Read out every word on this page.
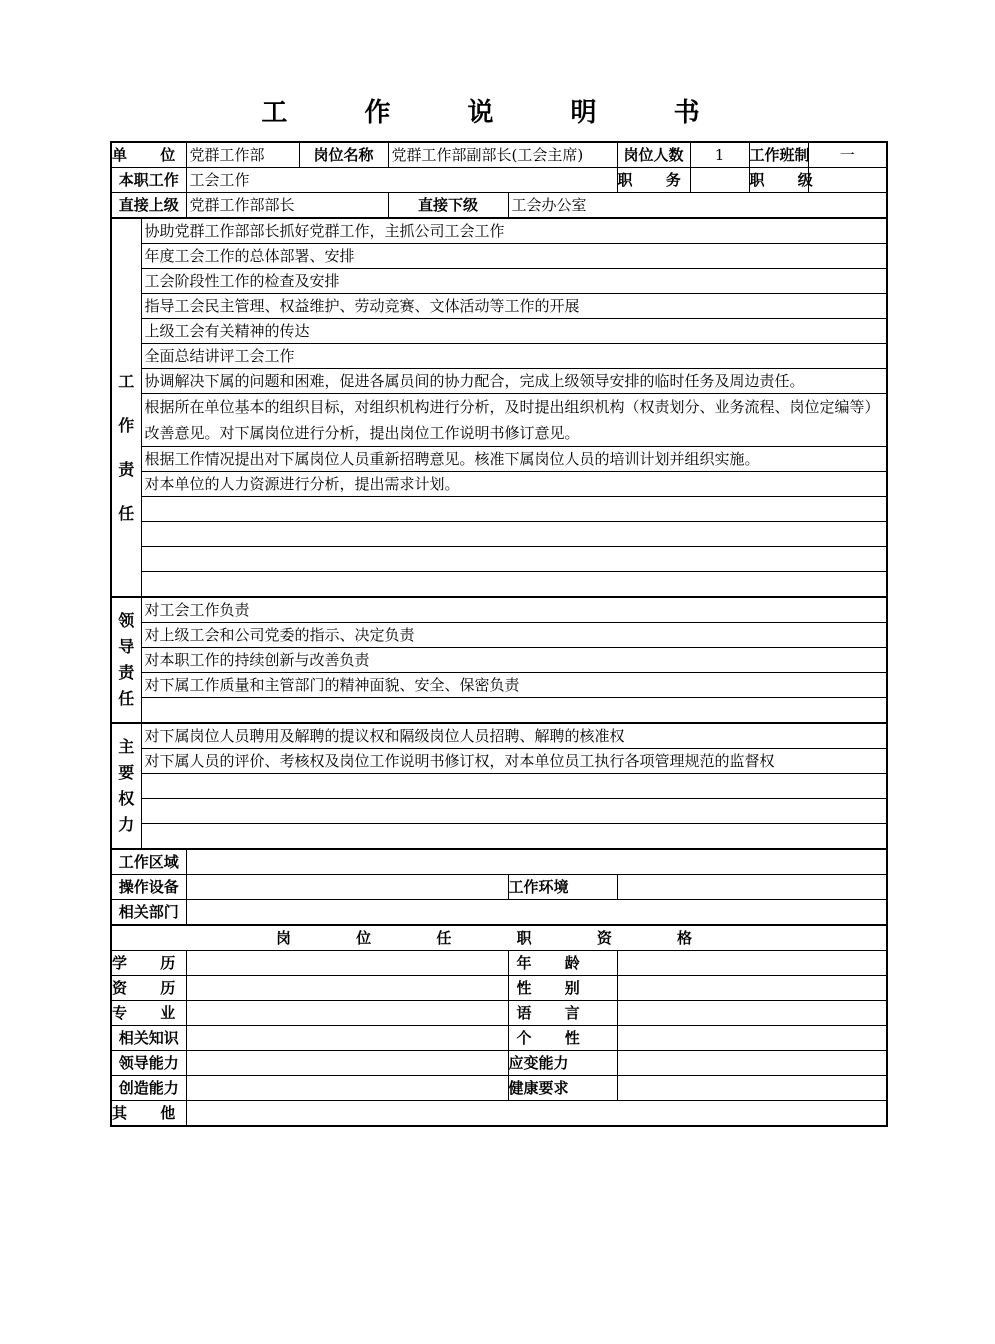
工 作 说 明 书
单 位		党群工作部	岗位名称	党群工作部副部长(工会主席)		岗位人数	1	工作班制	一
本职工作		工会工作				职 务		职 级	
直接上级		党群工作部部长		直接下级	工会办公室				
工作责任	协助党群工作部部长抓好党群工作，主抓公司工会工作								
	年度工会工作的总体部署、安排								
	工会阶段性工作的检查及安排								
	指导工会民主管理、权益维护、劳动竞赛、文体活动等工作的开展								
	上级工会有关精神的传达								
	全面总结讲评工会工作								
	协调解决下属的问题和困难，促进各属员间的协力配合，完成上级领导安排的临时任务及周边责任。								
	根据所在单位基本的组织目标，对组织机构进行分析，及时提出组织机构（权责划分、业务流程、岗位定编等）改善意见。对下属岗位进行分析，提出岗位工作说明书修订意见。								
	根据工作情况提出对下属岗位人员重新招聘意见。核准下属岗位人员的培训计划并组织实施。								
	对本单位的人力资源进行分析，提出需求计划。								

领导责任	对工会工作负责								
	对上级工会和公司党委的指示、决定负责								
	对本职工作的持续创新与改善负责								
	对下属工作质量和主管部门的精神面貌、安全、保密负责								

主要权力	对下属岗位人员聘用及解聘的提议权和隔级岗位人员招聘、解聘的核准权								
	对下属人员的评价、考核权及岗位工作说明书修订权，对本单位员工执行各项管理规范的监督权								

工作区域									
操作设备					工作环境				
相关部门									
岗 位 任 职 资 格									
学 历					年 龄				
资 历					性 别				
专 业					语 言				
相关知识					个 性				
领导能力					应变能力				
创造能力					健康要求				
其 他									
